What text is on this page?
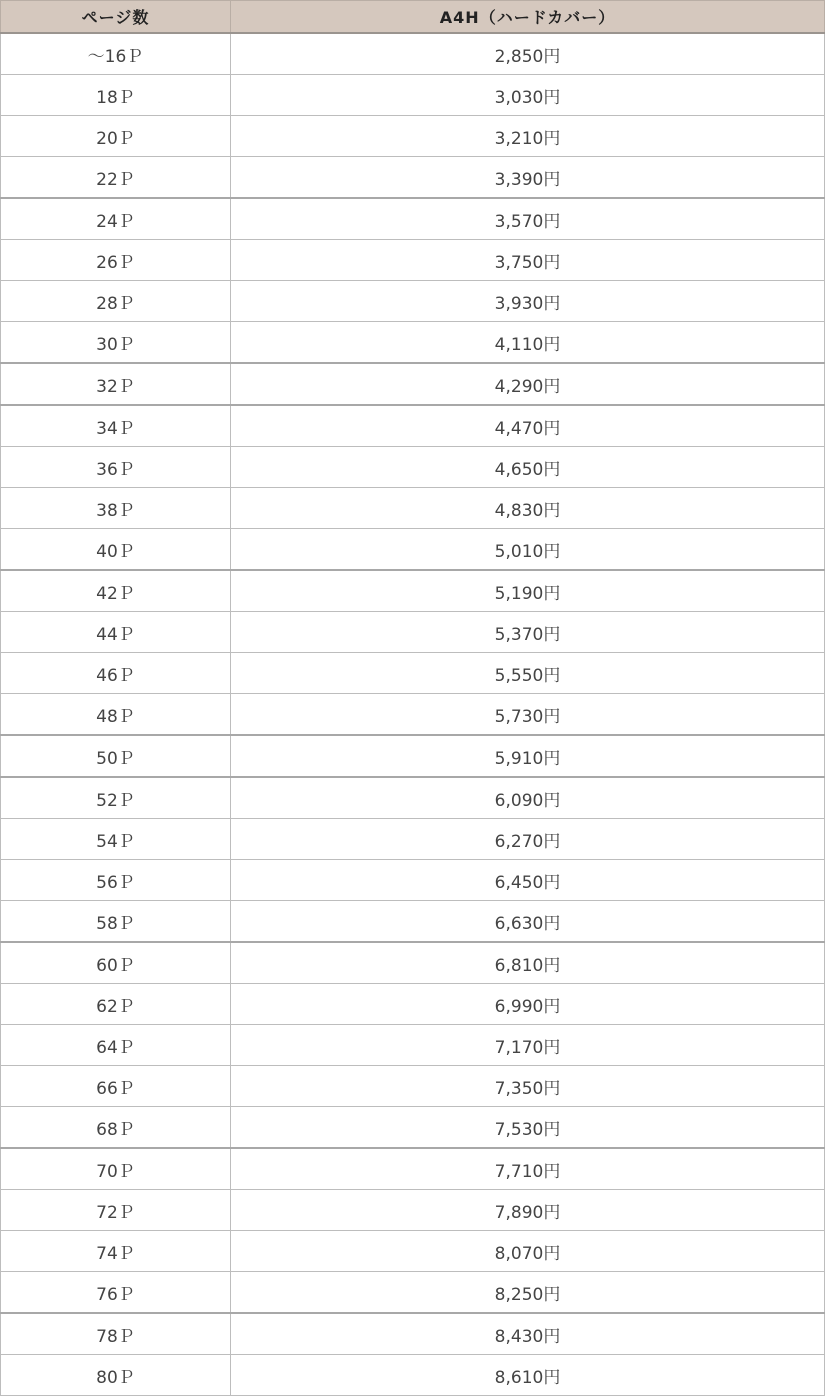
ページ数	A4H（ハードカバー）
～16Ｐ	2,850円
18Ｐ	3,030円
20Ｐ	3,210円
22Ｐ	3,390円
24Ｐ	3,570円
26Ｐ	3,750円
28Ｐ	3,930円
30Ｐ	4,110円
32Ｐ	4,290円
34Ｐ	4,470円
36Ｐ	4,650円
38Ｐ	4,830円
40Ｐ	5,010円
42Ｐ	5,190円
44Ｐ	5,370円
46Ｐ	5,550円
48Ｐ	5,730円
50Ｐ	5,910円
52Ｐ	6,090円
54Ｐ	6,270円
56Ｐ	6,450円
58Ｐ	6,630円
60Ｐ	6,810円
62Ｐ	6,990円
64Ｐ	7,170円
66Ｐ	7,350円
68Ｐ	7,530円
70Ｐ	7,710円
72Ｐ	7,890円
74Ｐ	8,070円
76Ｐ	8,250円
78Ｐ	8,430円
80Ｐ	8,610円
